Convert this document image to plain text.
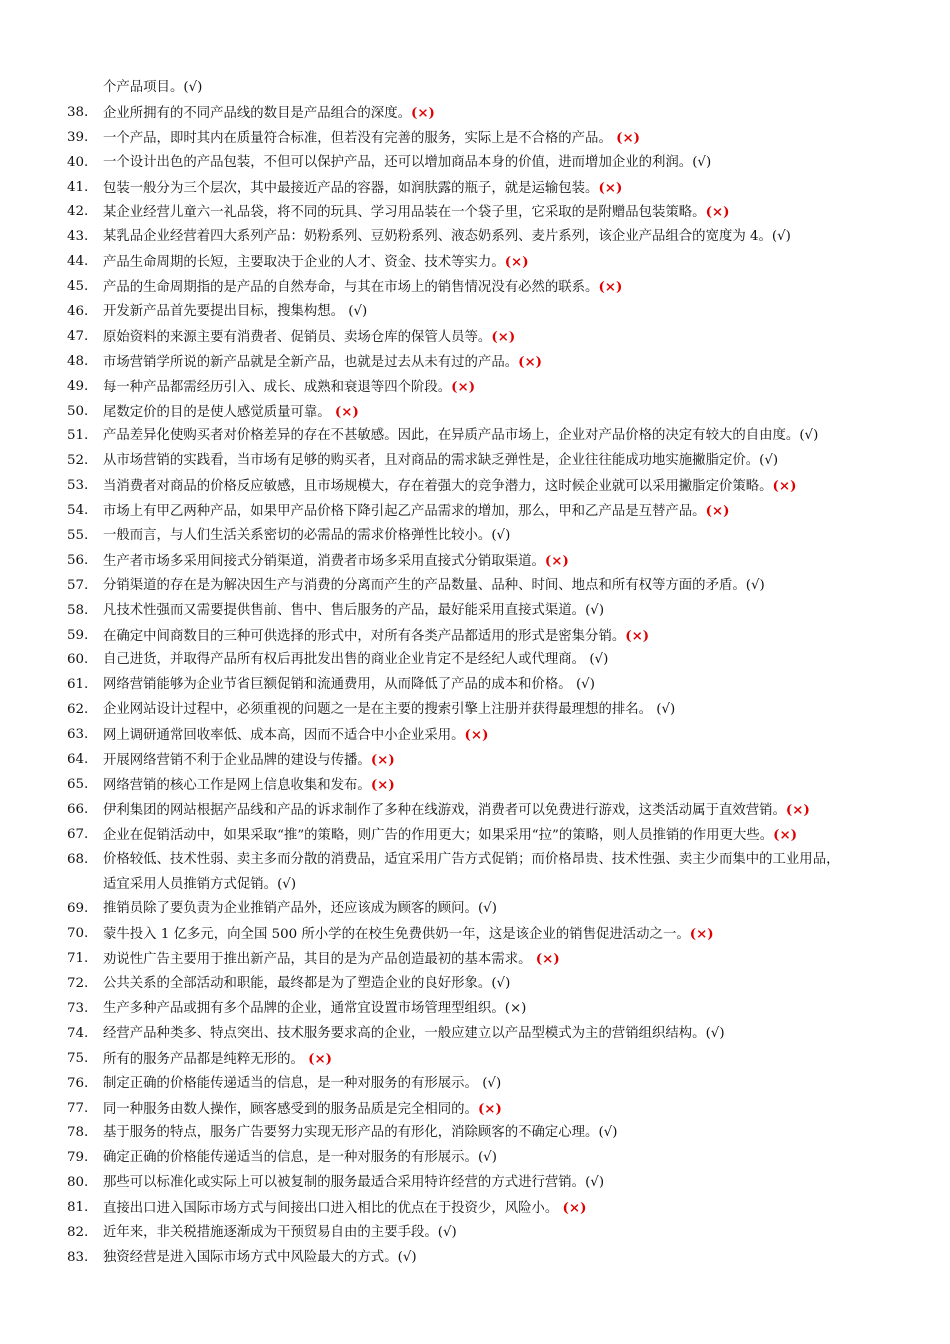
个产品项目。(√)
38.	企业所拥有的不同产品线的数目是产品组合的深度。(×)
39.	一个产品，即时其内在质量符合标准，但若没有完善的服务，实际上是不合格的产品。 (×)
40.	一个设计出色的产品包装，不但可以保护产品，还可以增加商品本身的价值，进而增加企业的利润。(√)
41.	包装一般分为三个层次，其中最接近产品的容器，如润肤露的瓶子，就是运输包装。(×)
42.	某企业经营儿童六一礼品袋，将不同的玩具、学习用品装在一个袋子里，它采取的是附赠品包装策略。(×)
43.	某乳品企业经营着四大系列产品：奶粉系列、豆奶粉系列、液态奶系列、麦片系列，该企业产品组合的宽度为 4。(√)
44.	产品生命周期的长短，主要取决于企业的人才、资金、技术等实力。(×)
45.	产品的生命周期指的是产品的自然寿命，与其在市场上的销售情况没有必然的联系。(×)
46.	开发新产品首先要提出目标，搜集构想。 (√)
47.	原始资料的来源主要有消费者、促销员、卖场仓库的保管人员等。(×)
48.	市场营销学所说的新产品就是全新产品，也就是过去从未有过的产品。(×)
49.	每一种产品都需经历引入、成长、成熟和衰退等四个阶段。(×)
50.	尾数定价的目的是使人感觉质量可靠。 (×)
51.	产品差异化使购买者对价格差异的存在不甚敏感。因此，在异质产品市场上，企业对产品价格的决定有较大的自由度。(√)
52.	从市场营销的实践看，当市场有足够的购买者，且对商品的需求缺乏弹性是，企业往往能成功地实施撇脂定价。(√)
53.	当消费者对商品的价格反应敏感，且市场规模大，存在着强大的竞争潜力，这时候企业就可以采用撇脂定价策略。(×)
54.	市场上有甲乙两种产品，如果甲产品价格下降引起乙产品需求的增加，那么，甲和乙产品是互替产品。(×)
55.	一般而言，与人们生活关系密切的必需品的需求价格弹性比较小。(√)
56.	生产者市场多采用间接式分销渠道，消费者市场多采用直接式分销取渠道。(×)
57.	分销渠道的存在是为解决因生产与消费的分离而产生的产品数量、品种、时间、地点和所有权等方面的矛盾。(√)
58.	凡技术性强而又需要提供售前、售中、售后服务的产品，最好能采用直接式渠道。(√)
59.	在确定中间商数目的三种可供选择的形式中，对所有各类产品都适用的形式是密集分销。(×)
60.	自己进货，并取得产品所有权后再批发出售的商业企业肯定不是经纪人或代理商。 (√)
61.	网络营销能够为企业节省巨额促销和流通费用，从而降低了产品的成本和价格。 (√)
62.	企业网站设计过程中，必须重视的问题之一是在主要的搜索引擎上注册并获得最理想的排名。 (√)
63.	网上调研通常回收率低、成本高，因而不适合中小企业采用。(×)
64.	开展网络营销不利于企业品牌的建设与传播。(×)
65.	网络营销的核心工作是网上信息收集和发布。(×)
66.	伊利集团的网站根据产品线和产品的诉求制作了多种在线游戏，消费者可以免费进行游戏，这类活动属于直效营销。(×)
67.	企业在促销活动中，如果采取“推”的策略，则广告的作用更大；如果采用“拉”的策略，则人员推销的作用更大些。(×)
68.	价格较低、技术性弱、卖主多而分散的消费品，适宜采用广告方式促销；而价格昂贵、技术性强、卖主少而集中的工业用品，
适宜采用人员推销方式促销。(√)
69.	推销员除了要负责为企业推销产品外，还应该成为顾客的顾问。(√)
70.	蒙牛投入 1 亿多元，向全国 500 所小学的在校生免费供奶一年，这是该企业的销售促进活动之一。(×)
71.	劝说性广告主要用于推出新产品，其目的是为产品创造最初的基本需求。 (×)
72.	公共关系的全部活动和职能，最终都是为了塑造企业的良好形象。(√)
73.	生产多种产品或拥有多个品牌的企业，通常宜设置市场管理型组织。(×)
74.	经营产品种类多、特点突出、技术服务要求高的企业，一般应建立以产品型模式为主的营销组织结构。(√)
75.	所有的服务产品都是纯粹无形的。 (×)
76.	制定正确的价格能传递适当的信息，是一种对服务的有形展示。 (√)
77.	同一种服务由数人操作，顾客感受到的服务品质是完全相同的。(×)
78.	基于服务的特点，服务广告要努力实现无形产品的有形化，消除顾客的不确定心理。(√)
79.	确定正确的价格能传递适当的信息，是一种对服务的有形展示。(√)
80.	那些可以标准化或实际上可以被复制的服务最适合采用特许经营的方式进行营销。(√)
81.	直接出口进入国际市场方式与间接出口进入相比的优点在于投资少，风险小。 (×)
82.	近年来，非关税措施逐渐成为干预贸易自由的主要手段。(√)
83.	独资经营是进入国际市场方式中风险最大的方式。(√)
